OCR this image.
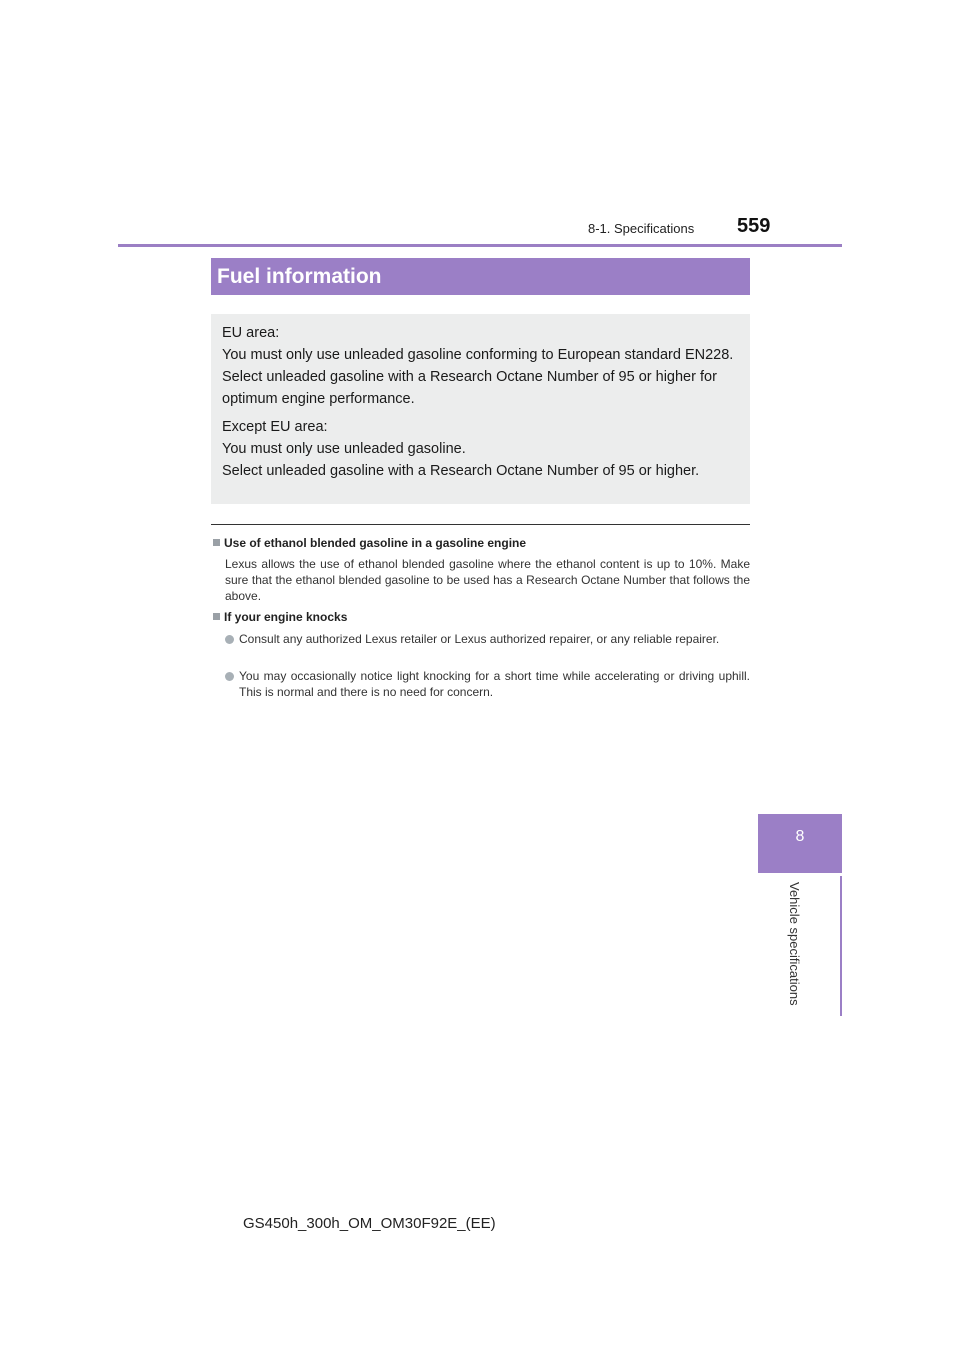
8-1. Specifications 559
Fuel information

EU area:

You must only use unleaded gasoline conforming to European standard EN228.

Select unleaded gasoline with a Research Octane Number of 95 or higher for optimum engine performance.

Except EU area:

You must only use unleaded gasoline.

Select unleaded gasoline with a Research Octane Number of 95 or higher.

Use of ethanol blended gasoline in a gasoline engine
Lexus allows the use of ethanol blended gasoline where the ethanol content is up to 10%. Make sure that the ethanol blended gasoline to be used has a Research Octane Number that follows the above.
If your engine knocks
Consult any authorized Lexus retailer or Lexus authorized repairer, or any reliable repairer.
You may occasionally notice light knocking for a short time while accelerating or driving uphill. This is normal and there is no need for concern.
8
Vehicle specifications
GS450h_300h_OM_OM30F92E_(EE)
